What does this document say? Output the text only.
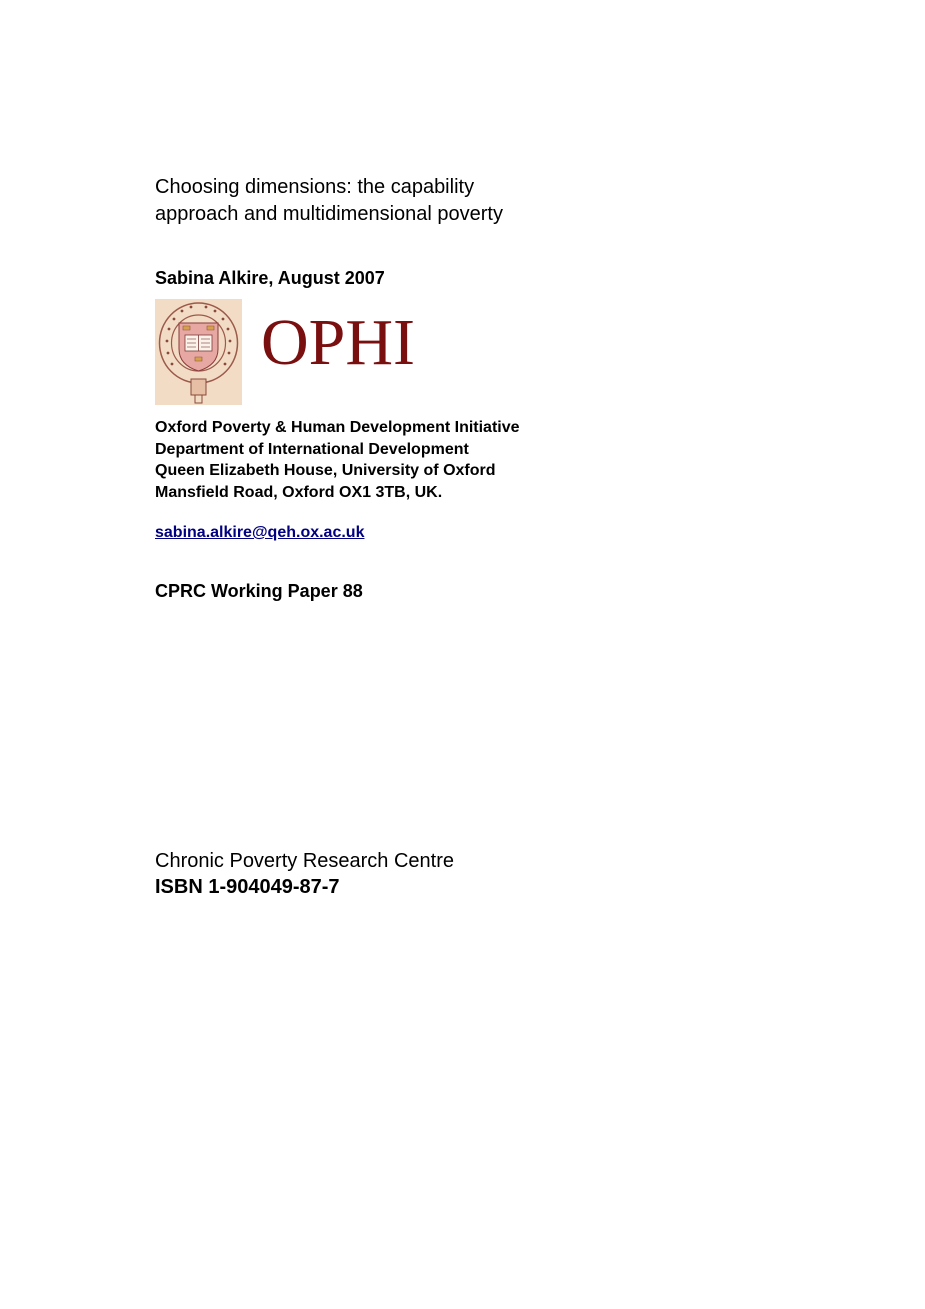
Choosing dimensions: the capability
approach and multidimensional poverty

Sabina Alkire, August 2007

OPHI
Oxford Poverty & Human Development Initiative
Department of International Development
Queen Elizabeth House, University of Oxford
Mansfield Road, Oxford OX1 3TB, UK.
sabina.alkire@qeh.ox.ac.uk
CPRC Working Paper 88
Chronic Poverty Research Centre
ISBN 1-904049-87-7
